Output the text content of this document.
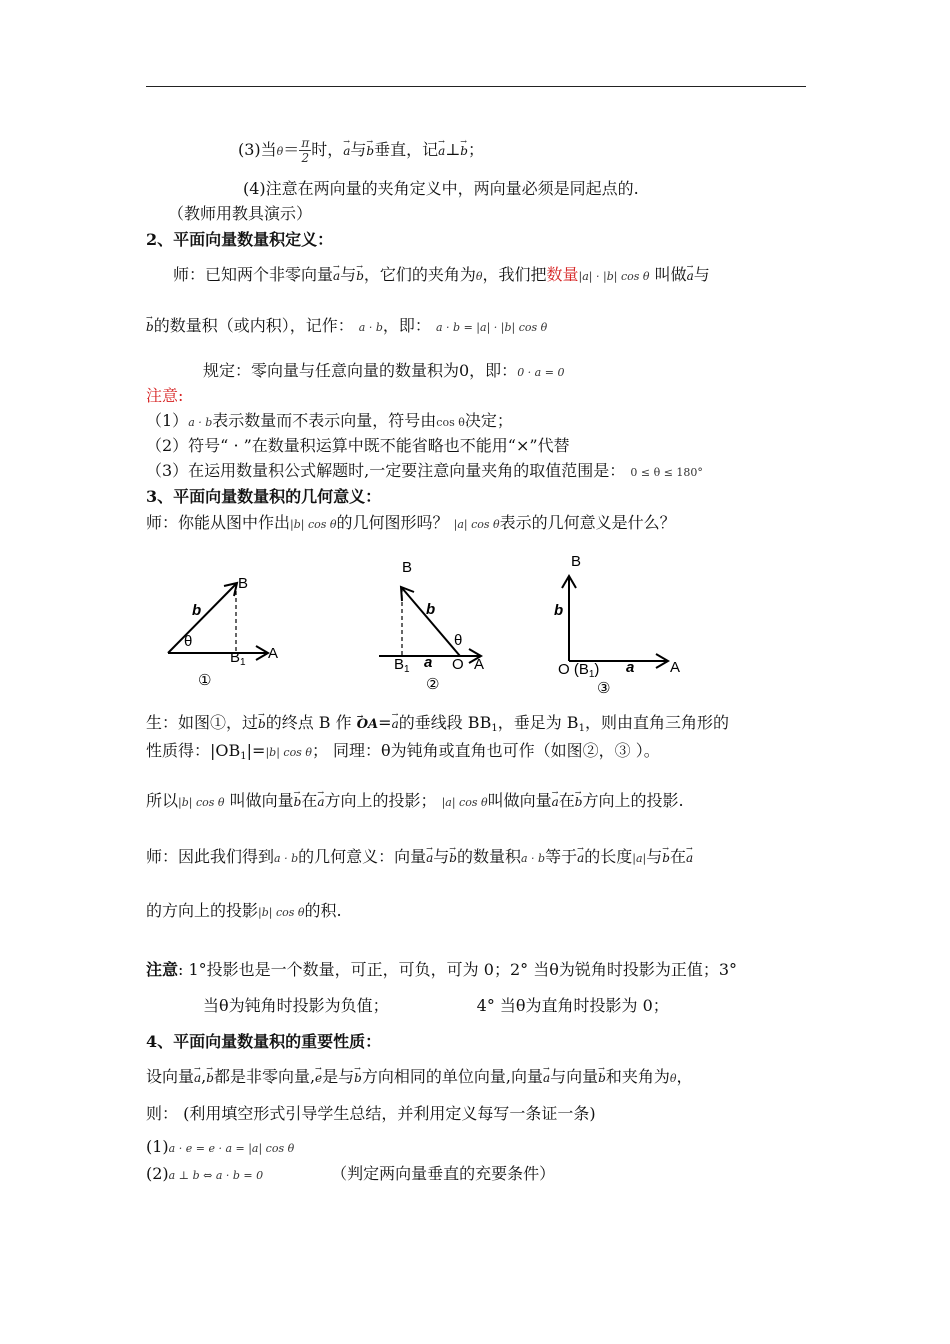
(3)当$\theta= \frac{\pi}{2}$ 时，→ a与→ b垂直，记→ a⊥→ b；
(4)注意在两向量的夹角定义中，两向量必须是同起点的.
（教师用教具演示）
2、平面向量数量积定义：
师：已知两个非零向量→ a与→ b，它们的夹角为θ，我们把数量|a| · |b| cos θ 叫做→ a与
→ b的数量积（或内积），记作： a · b，即： a · b = |a| · |b| cos θ
规定：零向量与任意向量的数量积为0，即：0 · a = 0
注意:
（1）a · b表示数量而不表示向量，符号由cos θ决定；
（2）符号“ · ”在数量积运算中既不能省略也不能用“×”代替
（3）在运用数量积公式解题时,一定要注意向量夹角的取值范围是： 0 ≤ θ ≤ 180°
3、平面向量数量积的几何意义：
师：你能从图中作出|b| cos θ的几何图形吗？ |a| cos θ表示的几何意义是什么？
B
A
$B_1$
b
θ
①
B
A
O
$B_1$ a
b
θ
②
B
A
O $(B_1)$ a
b
③
生：如图①，过→ b的终点 B 作 → OA=→ a的垂线段 $BB_1$，垂足为 $B_1$，则由直角三角形的
性质得：$|OB_1|=|b|$ cos θ； 同理：θ为钝角或直角也可作（如图②，③ ）。
所以|b| cos θ 叫做向量→ b在→ a方向上的投影； |a| cos θ叫做向量→ a在→ b方向上的投影.
师：因此我们得到a · b的几何意义：向量→ a与→ b的数量积a · b等于→ a的长度|a|与→ b在→ a
的方向上的投影|b| cos θ的积.
注意: 1°投影也是一个数量，可正，可负，可为 0；2° 当θ为锐角时投影为正值；3°
当θ为钝角时投影为负值；	4° 当θ为直角时投影为 0；
4、平面向量数量积的重要性质：
设向量→ a,→ b都是非零向量,→ e是与→ b方向相同的单位向量,向量→ a与向量→ b和夹角为θ，
则： (利用填空形式引导学生总结，并利用定义每写一条证一条)
(1)a · e = e · a = |a| cos θ
(2)a ⊥ b ⇔ a · b = 0	（判定两向量垂直的充要条件）
